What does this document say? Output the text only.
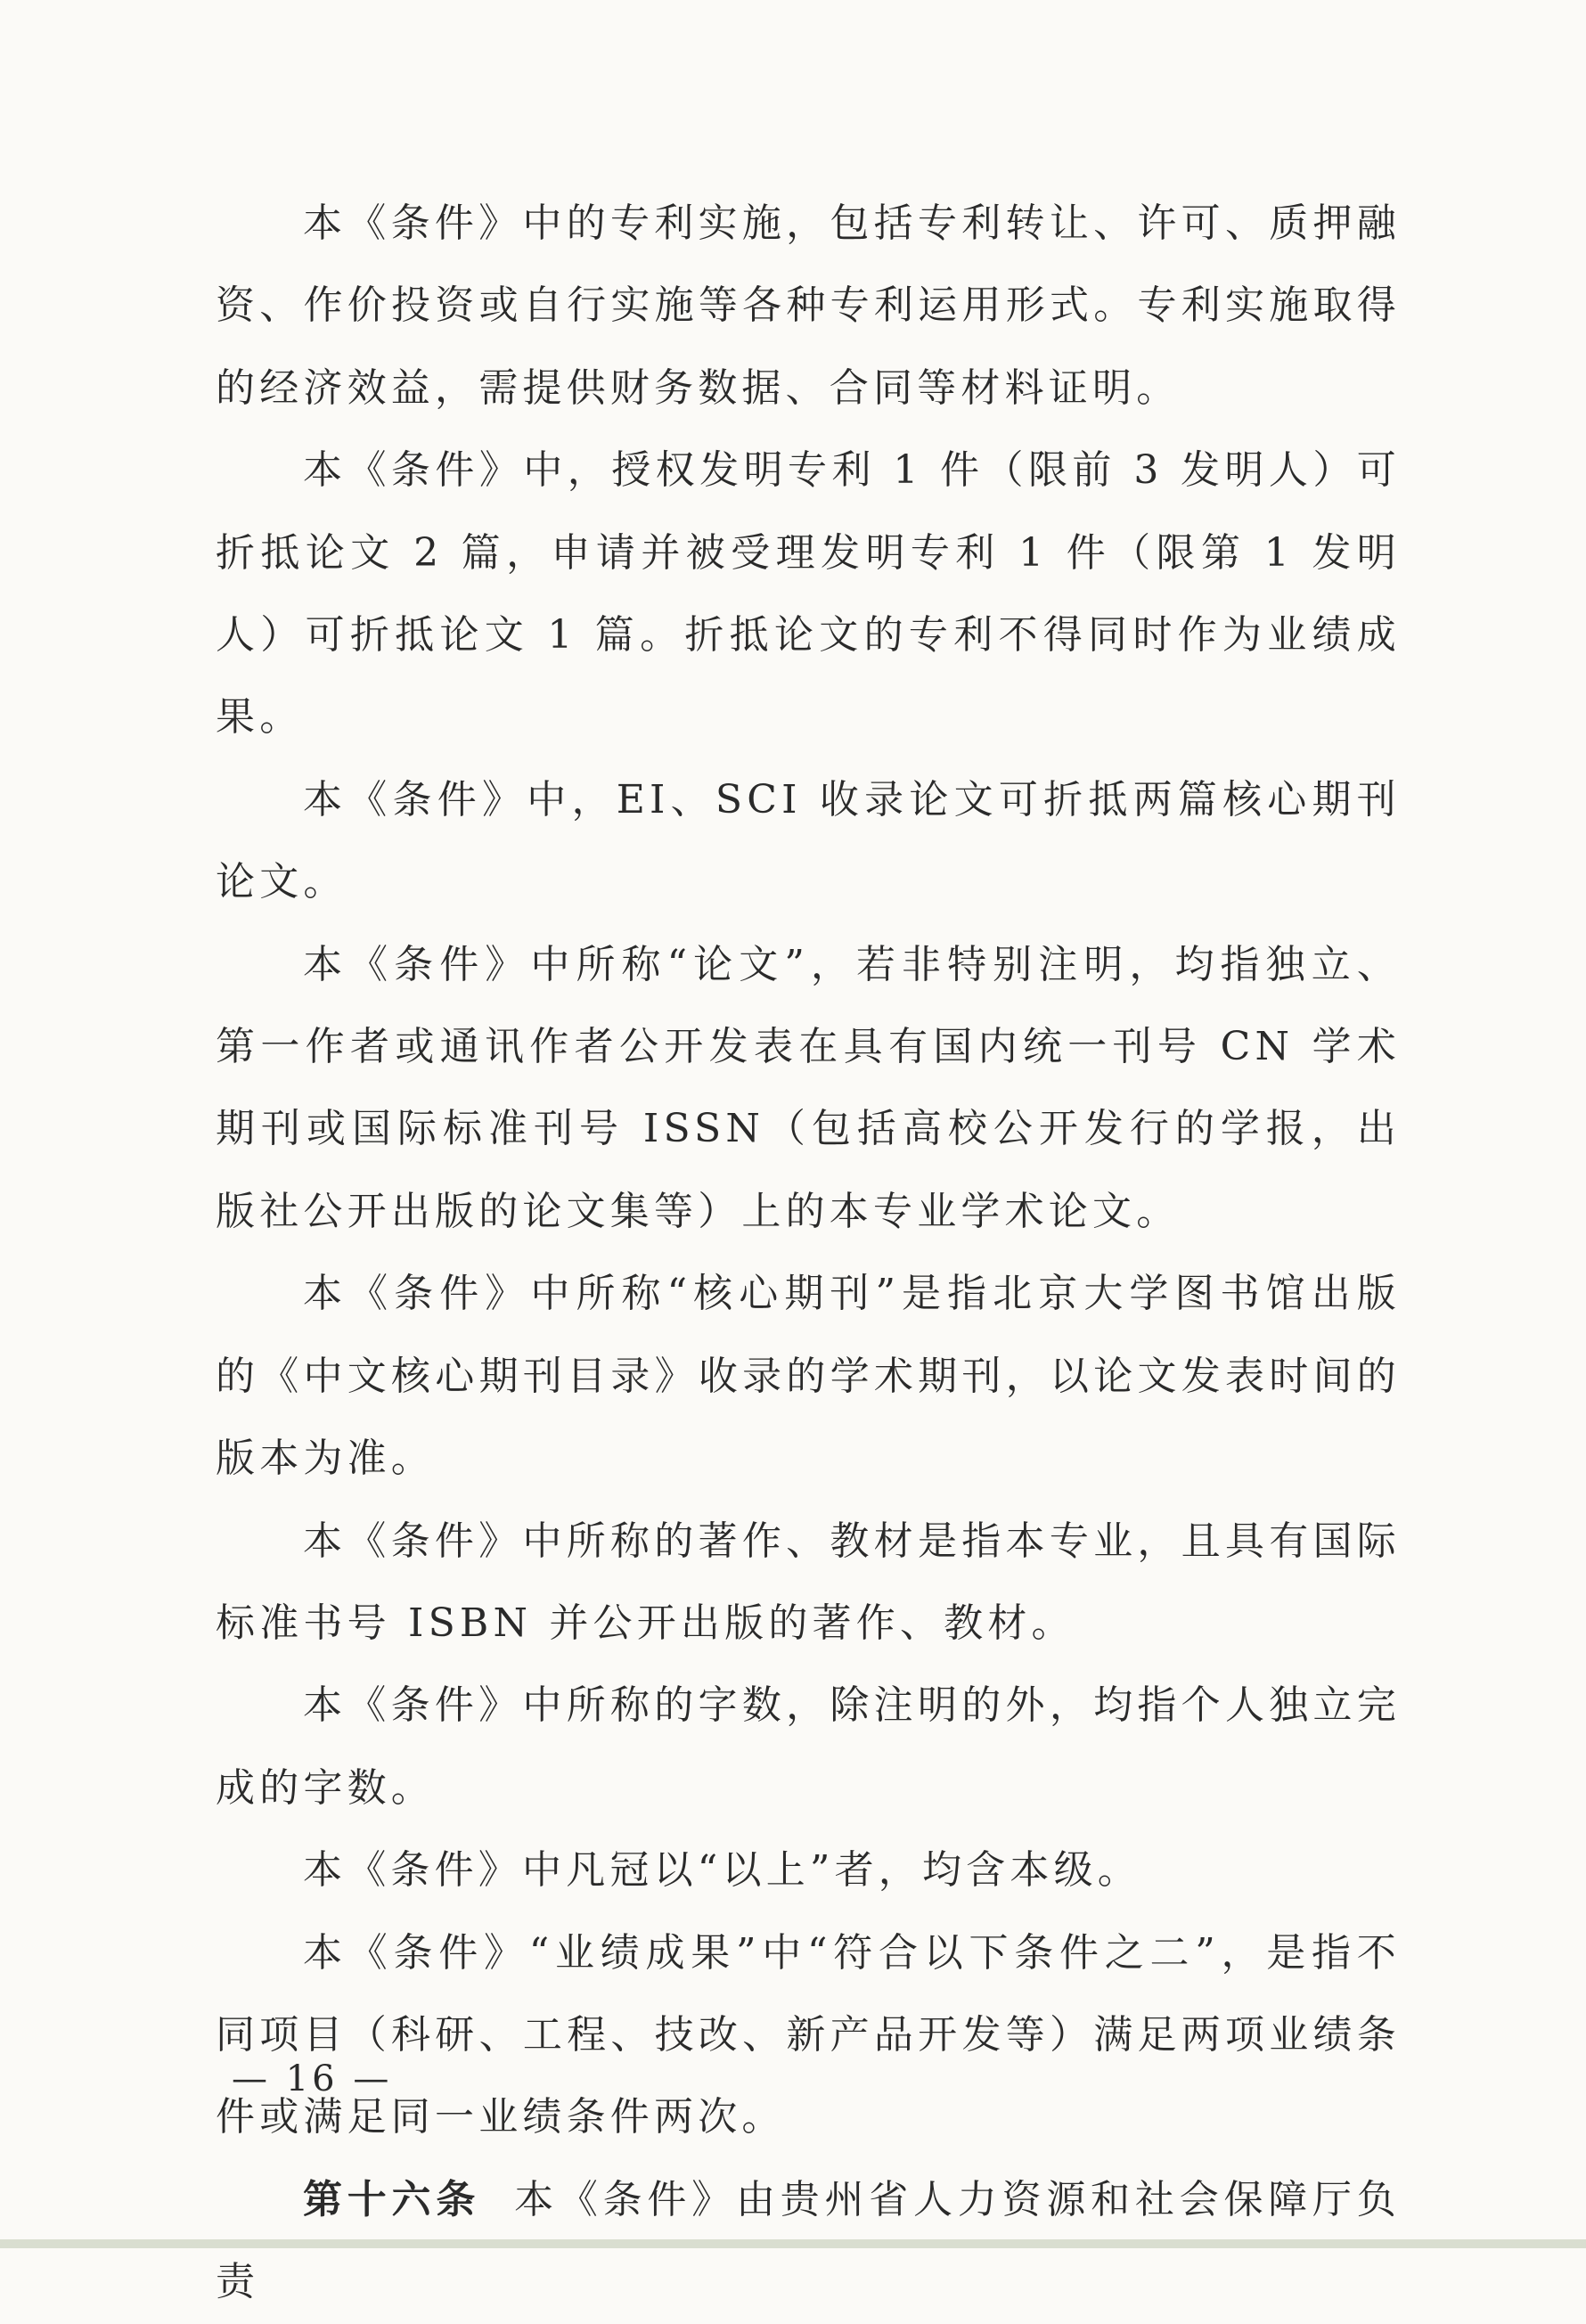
本《条件》中的专利实施，包括专利转让、许可、质押融资、作价投资或自行实施等各种专利运用形式。专利实施取得的经济效益，需提供财务数据、合同等材料证明。

本《条件》中，授权发明专利 1 件（限前 3 发明人）可折抵论文 2 篇，申请并被受理发明专利 1 件（限第 1 发明人）可折抵论文 1 篇。折抵论文的专利不得同时作为业绩成果。

本《条件》中，EI、SCI 收录论文可折抵两篇核心期刊论文。

本《条件》中所称“论文”，若非特别注明，均指独立、第一作者或通讯作者公开发表在具有国内统一刊号 CN 学术期刊或国际标准刊号 ISSN（包括高校公开发行的学报，出版社公开出版的论文集等）上的本专业学术论文。

本《条件》中所称“核心期刊”是指北京大学图书馆出版的《中文核心期刊目录》收录的学术期刊，以论文发表时间的版本为准。

本《条件》中所称的著作、教材是指本专业，且具有国际标准书号 ISBN 并公开出版的著作、教材。

本《条件》中所称的字数，除注明的外，均指个人独立完成的字数。

本《条件》中凡冠以“以上”者，均含本级。

本《条件》“业绩成果”中“符合以下条件之二”，是指不同项目（科研、工程、技改、新产品开发等）满足两项业绩条件或满足同一业绩条件两次。

第十六条 本《条件》由贵州省人力资源和社会保障厅负责

— 16 —
